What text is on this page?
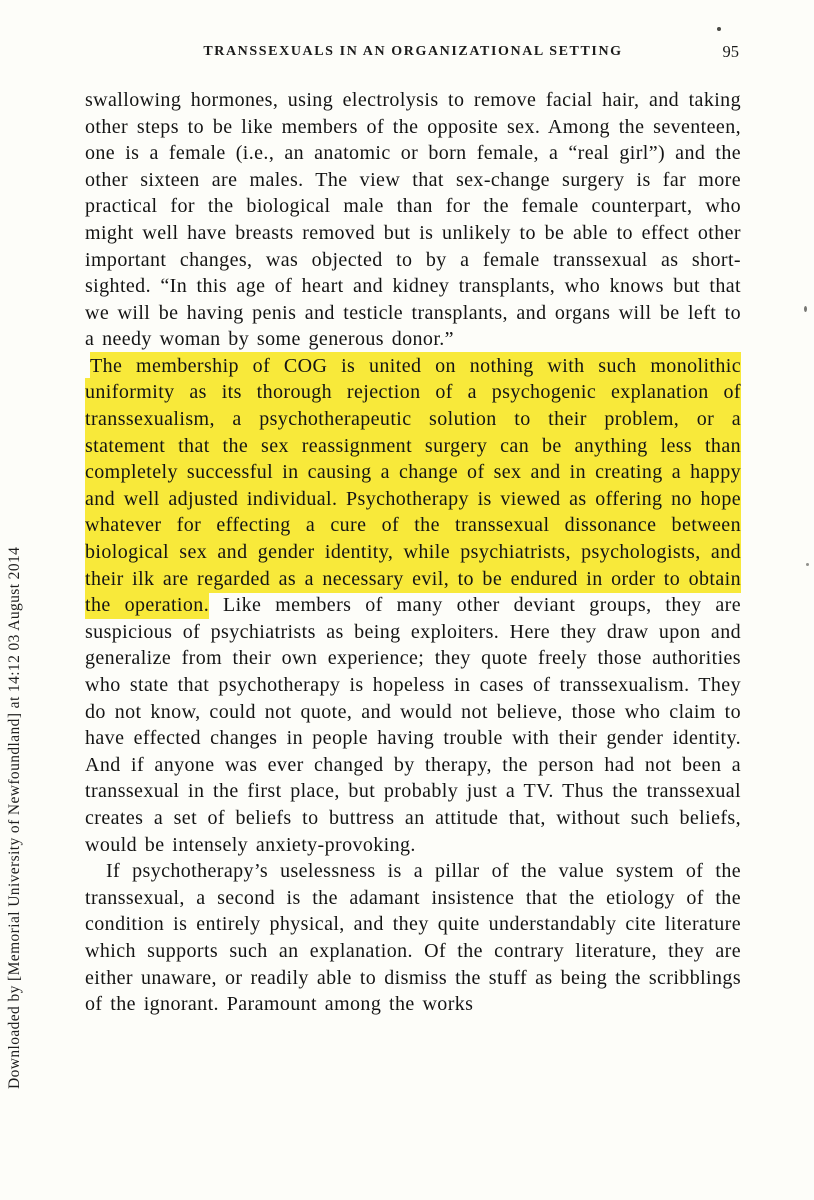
Downloaded by [Memorial University of Newfoundland] at 14:12 03 August 2014
TRANSSEXUALS IN AN ORGANIZATIONAL SETTING	95

swallowing hormones, using electrolysis to remove facial hair, and taking other steps to be like members of the opposite sex. Among the seventeen, one is a female (i.e., an anatomic or born female, a “real girl”) and the other sixteen are males. The view that sex-change surgery is far more practical for the biological male than for the female counterpart, who might well have breasts removed but is unlikely to be able to effect other important changes, was objected to by a female transsexual as short-sighted. “In this age of heart and kidney transplants, who knows but that we will be having penis and testicle transplants, and organs will be left to a needy woman by some generous donor.”

The membership of COG is united on nothing with such monolithic uniformity as its thorough rejection of a psychogenic explanation of transsexualism, a psychotherapeutic solution to their problem, or a statement that the sex reassignment surgery can be anything less than completely successful in causing a change of sex and in creating a happy and well adjusted individual. Psychotherapy is viewed as offering no hope whatever for effecting a cure of the transsexual dissonance between biological sex and gender identity, while psychiatrists, psychologists, and their ilk are regarded as a necessary evil, to be endured in order to obtain the operation. Like members of many other deviant groups, they are suspicious of psychiatrists as being exploiters. Here they draw upon and generalize from their own experience; they quote freely those authorities who state that psychotherapy is hopeless in cases of transsexualism. They do not know, could not quote, and would not believe, those who claim to have effected changes in people having trouble with their gender identity. And if anyone was ever changed by therapy, the person had not been a transsexual in the first place, but probably just a TV. Thus the transsexual creates a set of beliefs to buttress an attitude that, without such beliefs, would be intensely anxiety-provoking.

If psychotherapy’s uselessness is a pillar of the value system of the transsexual, a second is the adamant insistence that the etiology of the condition is entirely physical, and they quite understandably cite literature which supports such an explanation. Of the contrary literature, they are either unaware, or readily able to dismiss the stuff as being the scribblings of the ignorant. Paramount among the works
